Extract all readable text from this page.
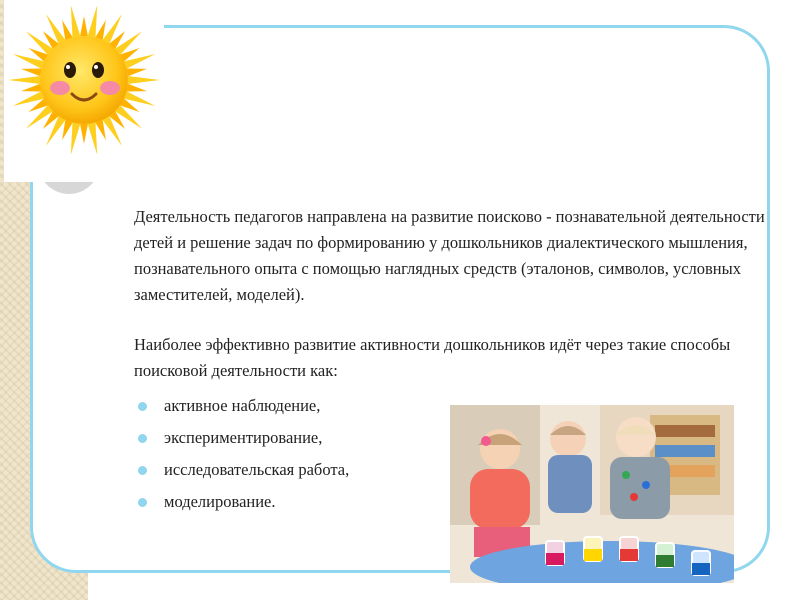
Деятельность педагогов направлена на развитие поисково - познавательной деятельности детей и решение задач по формированию у дошкольников диалектического мышления, познавательного опыта с помощью наглядных средств (эталонов, символов, условных заместителей, моделей).

Наиболее эффективно развитие активности дошкольников идёт через такие способы поисковой деятельности как:

активное наблюдение,
экспериментирование,
исследовательская работа,
моделирование.
